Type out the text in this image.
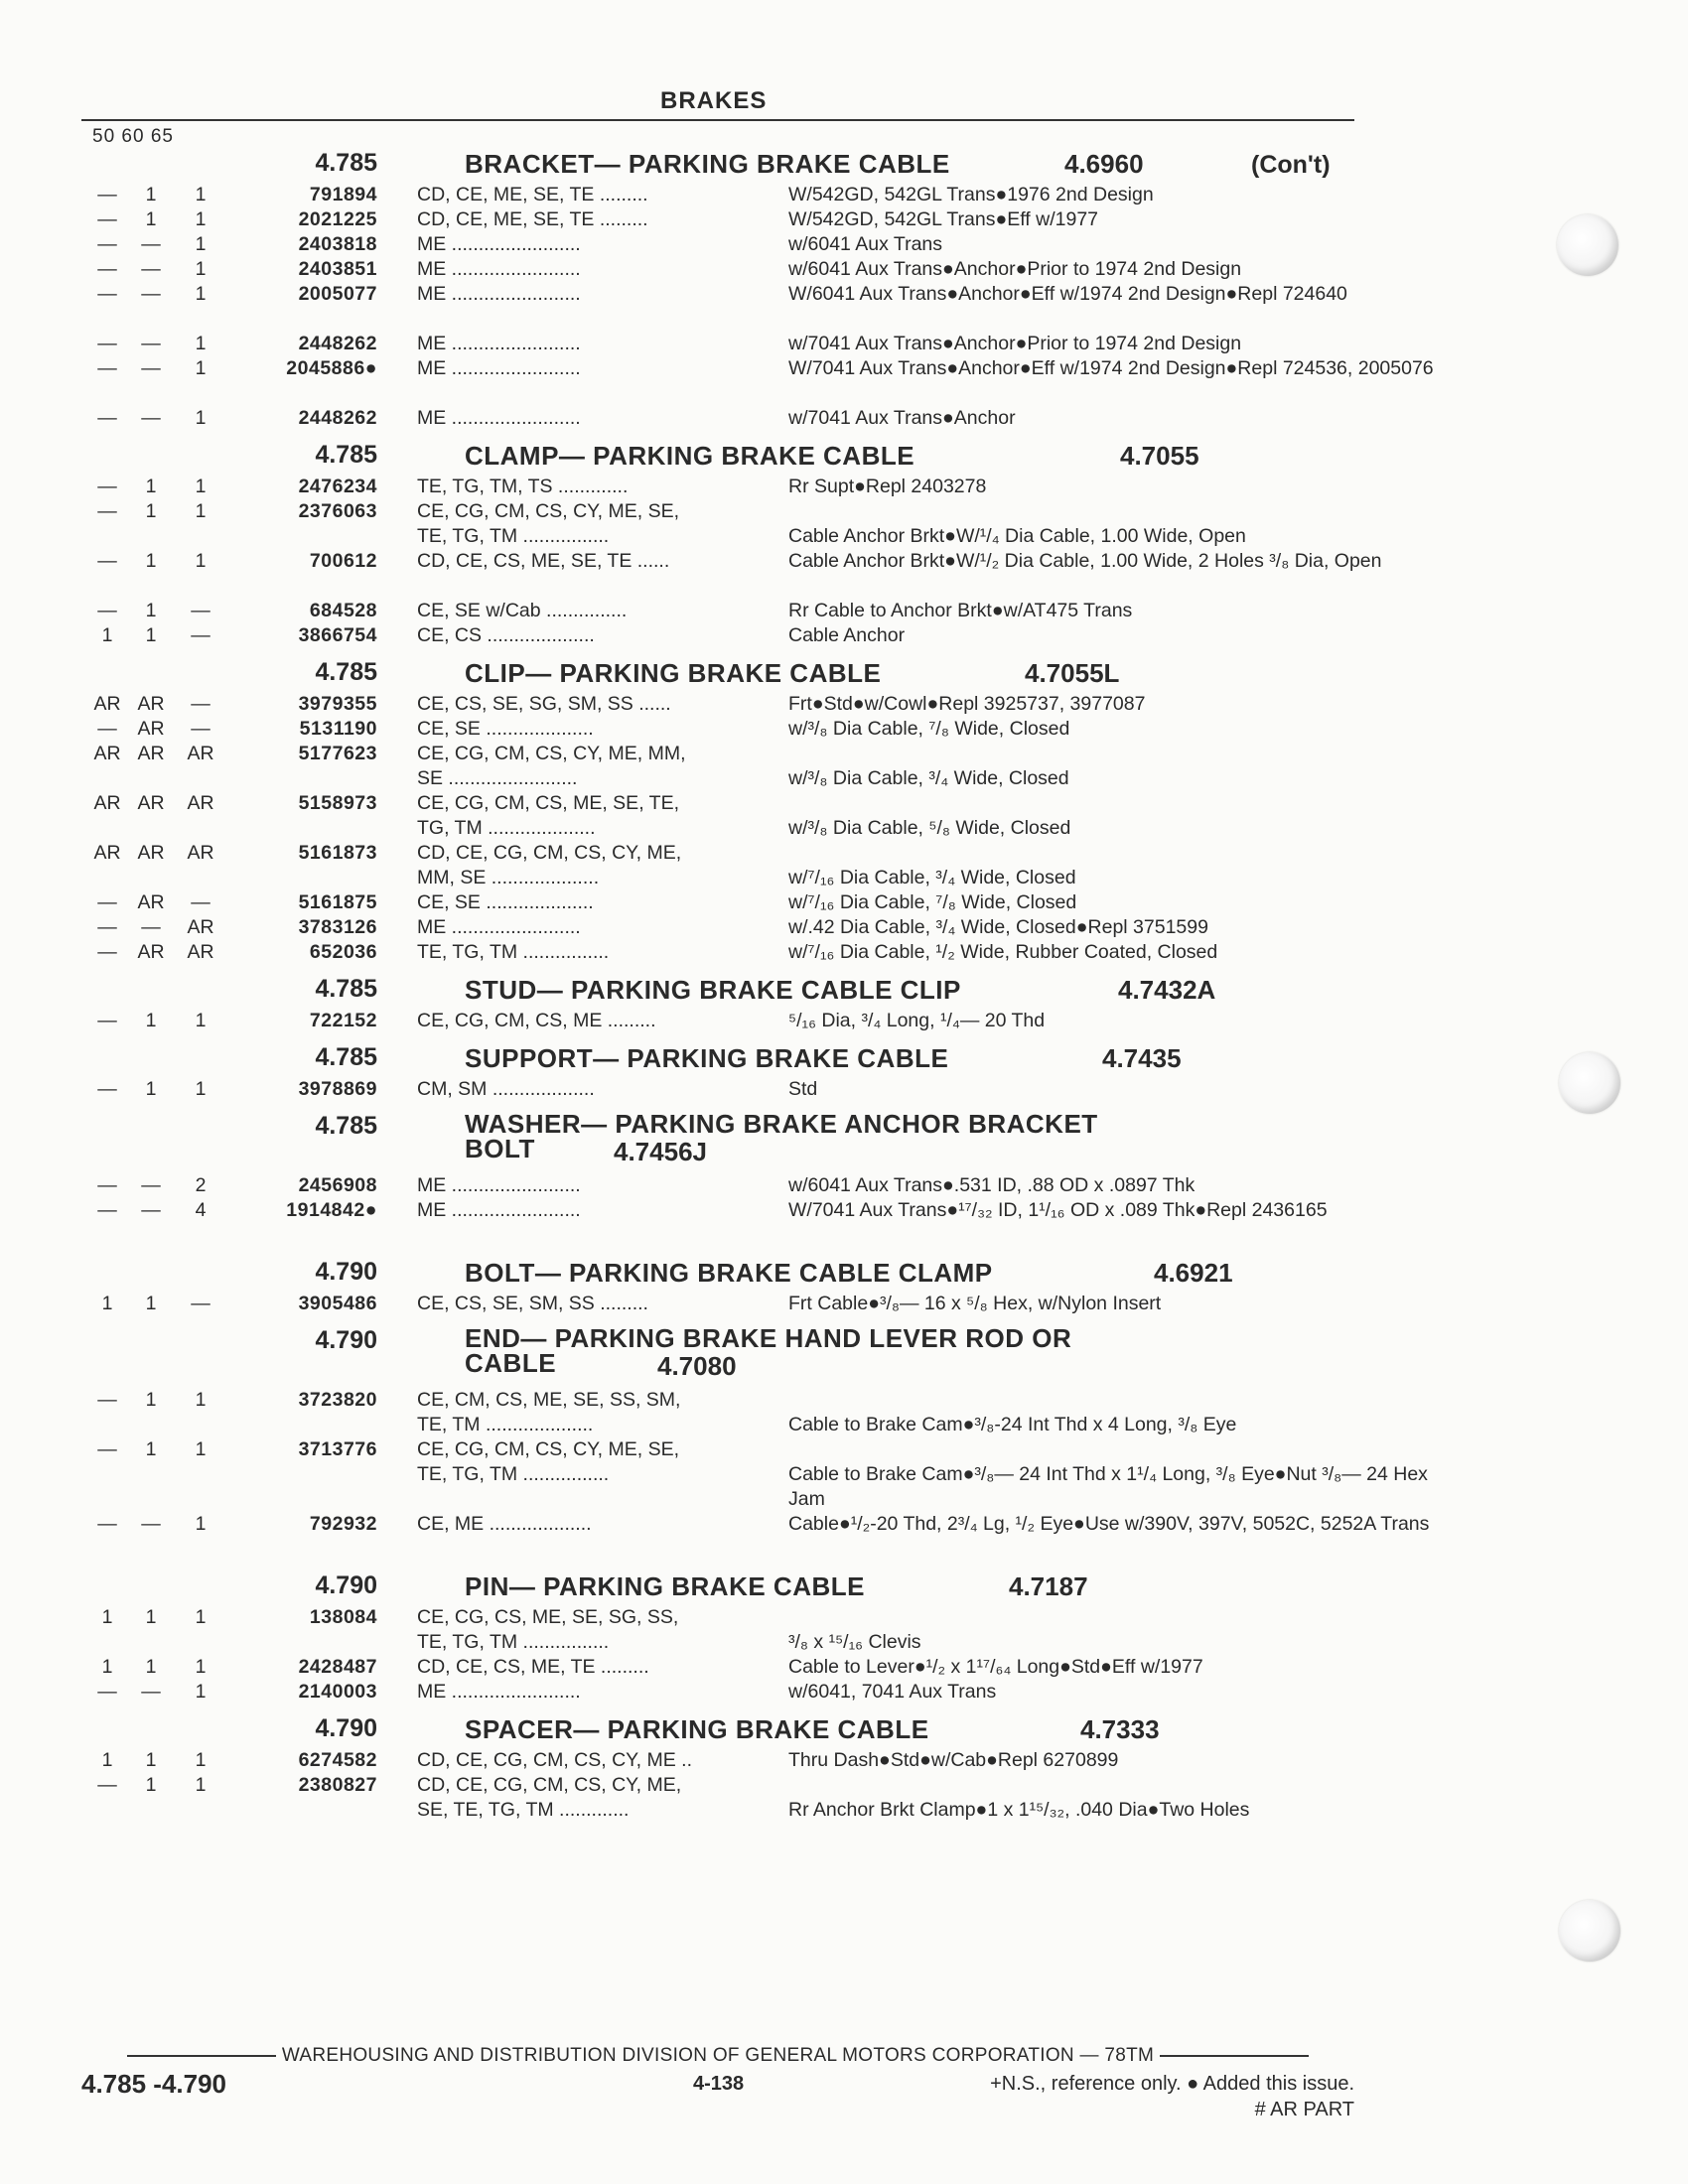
BRAKES
50 60 65
4.785	BRACKET— PARKING BRAKE CABLE	4.6960	(Con't)
—	1	1	791894 CD, CE, ME, SE, TE .........	W/542GD, 542GL Trans●1976 2nd Design
—	1	1	2021225 CD, CE, ME, SE, TE .........	W/542GD, 542GL Trans●Eff w/1977
—	—	1	2403818 ME ........................	w/6041 Aux Trans
—	—	1	2403851 ME ........................	w/6041 Aux Trans●Anchor●Prior to 1974 2nd Design
—	—	1	2005077 ME ........................	W/6041 Aux Trans●Anchor●Eff w/1974 2nd Design●Repl 724640
—	—	1	2448262 ME ........................	w/7041 Aux Trans●Anchor●Prior to 1974 2nd Design
—	—	1	2045886● ME ........................	W/7041 Aux Trans●Anchor●Eff w/1974 2nd Design●Repl 724536, 2005076
—	—	1	2448262 ME ........................	w/7041 Aux Trans●Anchor
4.785	CLAMP— PARKING BRAKE CABLE	4.7055
—	1	1	2476234 TE, TG, TM, TS .............	Rr Supt●Repl 2403278
—	1	1	2376063 CE, CG, CM, CS, CY, ME, SE,
TE, TG, TM ................	Cable Anchor Brkt●W/¹/₄ Dia Cable, 1.00 Wide, Open
—	1	1	700612 CD, CE, CS, ME, SE, TE ......	Cable Anchor Brkt●W/¹/₂ Dia Cable, 1.00 Wide, 2 Holes ³/₈ Dia, Open
—	1	—	684528 CE, SE w/Cab ...............	Rr Cable to Anchor Brkt●w/AT475 Trans
1	1	—	3866754 CE, CS ....................	Cable Anchor
4.785	CLIP— PARKING BRAKE CABLE	4.7055L
AR AR	—	3979355 CE, CS, SE, SG, SM, SS ......	Frt●Std●w/Cowl●Repl 3925737, 3977087
—	AR	—	5131190 CE, SE ....................	w/³/₈ Dia Cable, ⁷/₈ Wide, Closed
AR AR	AR	5177623 CE, CG, CM, CS, CY, ME, MM,
SE ........................	w/³/₈ Dia Cable, ³/₄ Wide, Closed
AR AR	AR	5158973 CE, CG, CM, CS, ME, SE, TE,
TG, TM ....................	w/³/₈ Dia Cable, ⁵/₈ Wide, Closed
AR AR	AR	5161873 CD, CE, CG, CM, CS, CY, ME,
MM, SE ....................	w/⁷/₁₆ Dia Cable, ³/₄ Wide, Closed
—	AR	—	5161875 CE, SE ....................	w/⁷/₁₆ Dia Cable, ⁷/₈ Wide, Closed
—	—	AR	3783126 ME ........................	w/.42 Dia Cable, ³/₄ Wide, Closed●Repl 3751599
—	AR	AR	652036 TE, TG, TM ................	w/⁷/₁₆ Dia Cable, ¹/₂ Wide, Rubber Coated, Closed
4.785	STUD— PARKING BRAKE CABLE CLIP	4.7432A
—	1	1	722152 CE, CG, CM, CS, ME .........	⁵/₁₆ Dia, ³/₄ Long, ¹/₄— 20 Thd
4.785	SUPPORT— PARKING BRAKE CABLE	4.7435
—	1	1	3978869 CM, SM ...................	Std
4.785	WASHER— PARKING BRAKE ANCHOR BRACKET
BOLT	4.7456J
—	—	2	2456908 ME ........................	w/6041 Aux Trans●.531 ID, .88 OD x .0897 Thk
—	—	4	1914842● ME ........................	W/7041 Aux Trans●¹⁷/₃₂ ID, 1¹/₁₆ OD x .089 Thk●Repl 2436165
4.790	BOLT— PARKING BRAKE CABLE CLAMP	4.6921
1	1	—	3905486 CE, CS, SE, SM, SS .........	Frt Cable●³/₈— 16 x ⁵/₈ Hex, w/Nylon Insert
4.790	END— PARKING BRAKE HAND LEVER ROD OR
CABLE	4.7080
—	1	1	3723820 CE, CM, CS, ME, SE, SS, SM,
TE, TM ....................	Cable to Brake Cam●³/₈-24 Int Thd x 4 Long, ³/₈ Eye
—	1	1	3713776 CE, CG, CM, CS, CY, ME, SE,
TE, TG, TM ................	Cable to Brake Cam●³/₈— 24 Int Thd x 1¹/₄ Long, ³/₈ Eye●Nut ³/₈— 24 Hex Jam
—	—	1	792932 CE, ME ...................	Cable●¹/₂-20 Thd, 2³/₄ Lg, ¹/₂ Eye●Use w/390V, 397V, 5052C, 5252A Trans
4.790	PIN— PARKING BRAKE CABLE	4.7187
1	1	1	138084 CE, CG, CS, ME, SE, SG, SS,
TE, TG, TM ................	³/₈ x ¹⁵/₁₆ Clevis
1	1	1	2428487 CD, CE, CS, ME, TE .........	Cable to Lever●¹/₂ x 1¹⁷/₆₄ Long●Std●Eff w/1977
—	—	1	2140003 ME ........................	w/6041, 7041 Aux Trans
4.790	SPACER— PARKING BRAKE CABLE	4.7333
1	1	1	6274582 CD, CE, CG, CM, CS, CY, ME ..	Thru Dash●Std●w/Cab●Repl 6270899
—	1	1	2380827 CD, CE, CG, CM, CS, CY, ME,
SE, TE, TG, TM .............	Rr Anchor Brkt Clamp●1 x 1¹⁵/₃₂, .040 Dia●Two Holes
WAREHOUSING AND DISTRIBUTION DIVISION OF GENERAL MOTORS CORPORATION — 78TM
4.785 -4.790	4-138	+N.S., reference only. ● Added this issue.
# AR PART
